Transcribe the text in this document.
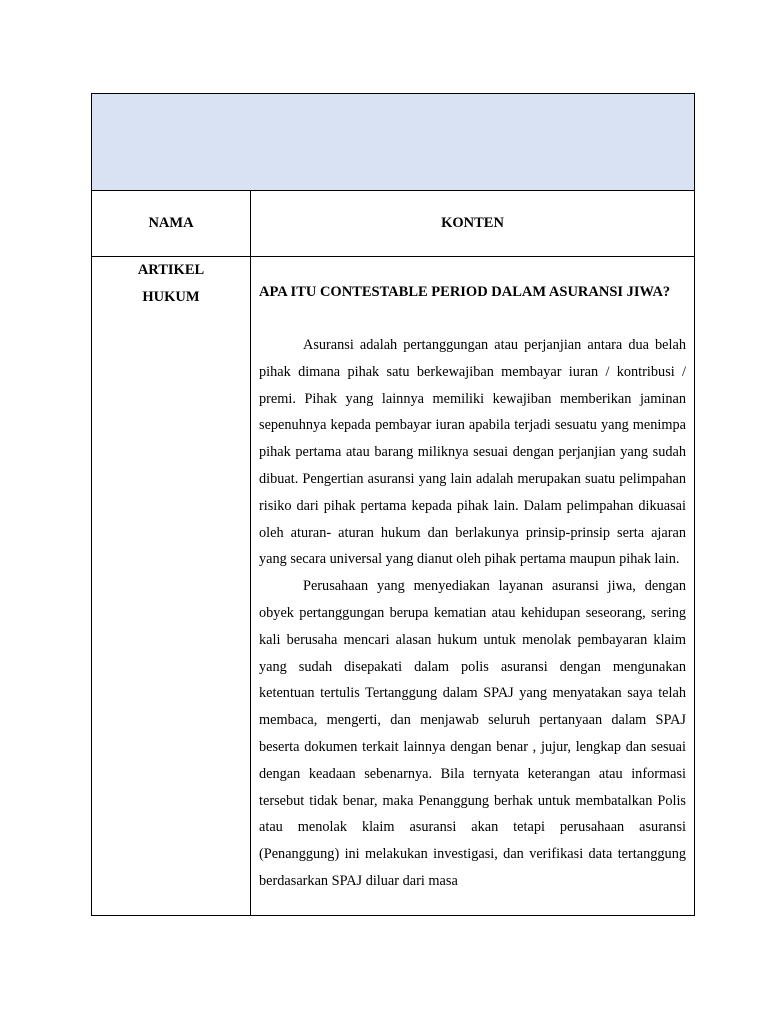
NAMA	KONTEN
ARTIKEL
HUKUM	APA ITU CONTESTABLE PERIOD DALAM ASURANSI JIWA?

Asuransi adalah pertanggungan atau perjanjian antara dua belah pihak dimana pihak satu berkewajiban membayar iuran / kontribusi / premi. Pihak yang lainnya memiliki kewajiban memberikan jaminan sepenuhnya kepada pembayar iuran apabila terjadi sesuatu yang menimpa pihak pertama atau barang miliknya sesuai dengan perjanjian yang sudah dibuat. Pengertian asuransi yang lain adalah merupakan suatu pelimpahan risiko dari pihak pertama kepada pihak lain. Dalam pelimpahan dikuasai oleh aturan- aturan hukum dan berlakunya prinsip-prinsip serta ajaran yang secara universal yang dianut oleh pihak pertama maupun pihak lain.

Perusahaan yang menyediakan layanan asuransi jiwa, dengan obyek pertanggungan berupa kematian atau kehidupan seseorang, sering kali berusaha mencari alasan hukum untuk menolak pembayaran klaim yang sudah disepakati dalam polis asuransi dengan mengunakan ketentuan tertulis Tertanggung dalam SPAJ yang menyatakan saya telah membaca, mengerti, dan menjawab seluruh pertanyaan dalam SPAJ beserta dokumen terkait lainnya dengan benar , jujur, lengkap dan sesuai dengan keadaan sebenarnya. Bila ternyata keterangan atau informasi tersebut tidak benar, maka Penanggung berhak untuk membatalkan Polis atau menolak klaim asuransi akan tetapi perusahaan asuransi (Penanggung) ini melakukan investigasi, dan verifikasi data tertanggung berdasarkan SPAJ diluar dari masa
